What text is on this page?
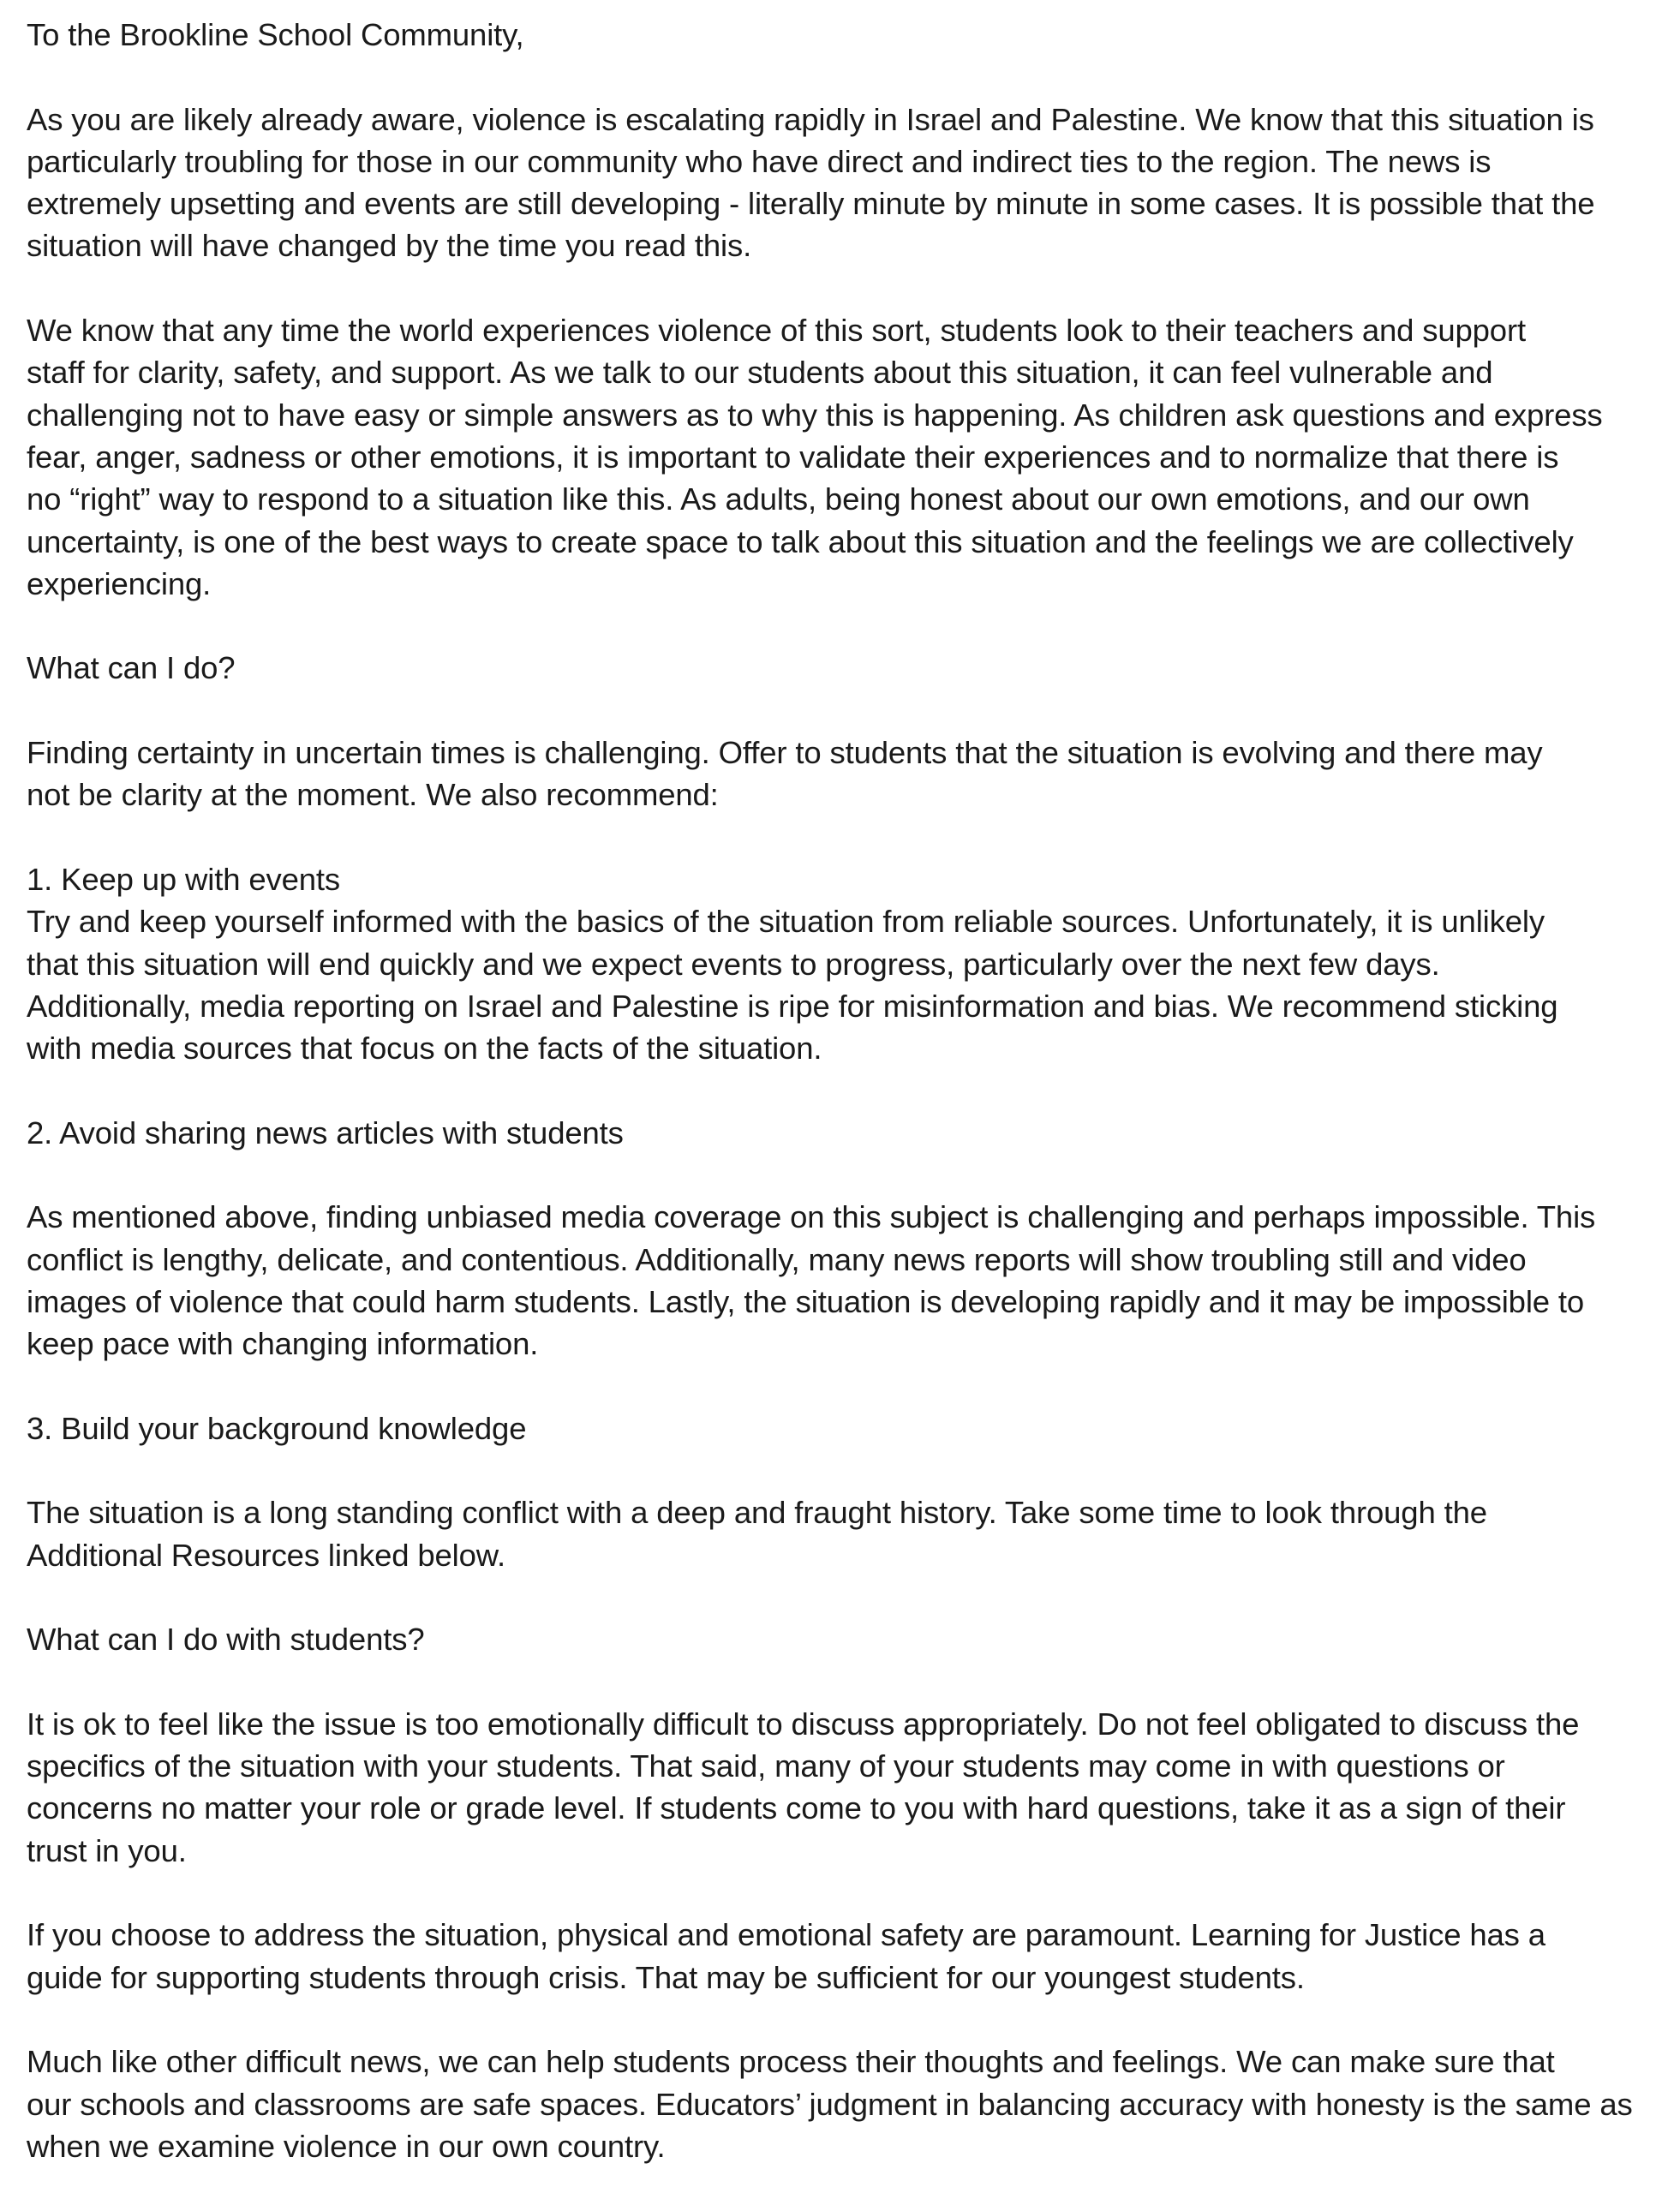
To the Brookline School Community,

As you are likely already aware, violence is escalating rapidly in Israel and Palestine. We know that this situation is
particularly troubling for those in our community who have direct and indirect ties to the region. The news is
extremely upsetting and events are still developing - literally minute by minute in some cases. It is possible that the
situation will have changed by the time you read this.

We know that any time the world experiences violence of this sort, students look to their teachers and support
staff for clarity, safety, and support. As we talk to our students about this situation, it can feel vulnerable and
challenging not to have easy or simple answers as to why this is happening. As children ask questions and express
fear, anger, sadness or other emotions, it is important to validate their experiences and to normalize that there is
no “right” way to respond to a situation like this. As adults, being honest about our own emotions, and our own
uncertainty, is one of the best ways to create space to talk about this situation and the feelings we are collectively
experiencing.

What can I do?

Finding certainty in uncertain times is challenging. Offer to students that the situation is evolving and there may
not be clarity at the moment. We also recommend:

1. Keep up with events
Try and keep yourself informed with the basics of the situation from reliable sources. Unfortunately, it is unlikely
that this situation will end quickly and we expect events to progress, particularly over the next few days.
Additionally, media reporting on Israel and Palestine is ripe for misinformation and bias. We recommend sticking
with media sources that focus on the facts of the situation.

2. Avoid sharing news articles with students

As mentioned above, finding unbiased media coverage on this subject is challenging and perhaps impossible. This
conflict is lengthy, delicate, and contentious. Additionally, many news reports will show troubling still and video
images of violence that could harm students. Lastly, the situation is developing rapidly and it may be impossible to
keep pace with changing information.

3. Build your background knowledge

The situation is a long standing conflict with a deep and fraught history. Take some time to look through the
Additional Resources linked below.

What can I do with students?

It is ok to feel like the issue is too emotionally difficult to discuss appropriately. Do not feel obligated to discuss the
specifics of the situation with your students. That said, many of your students may come in with questions or
concerns no matter your role or grade level. If students come to you with hard questions, take it as a sign of their
trust in you.

If you choose to address the situation, physical and emotional safety are paramount. Learning for Justice has a
guide for supporting students through crisis. That may be sufficient for our youngest students.

Much like other difficult news, we can help students process their thoughts and feelings. We can make sure that
our schools and classrooms are safe spaces. Educators’ judgment in balancing accuracy with honesty is the same as
when we examine violence in our own country.
